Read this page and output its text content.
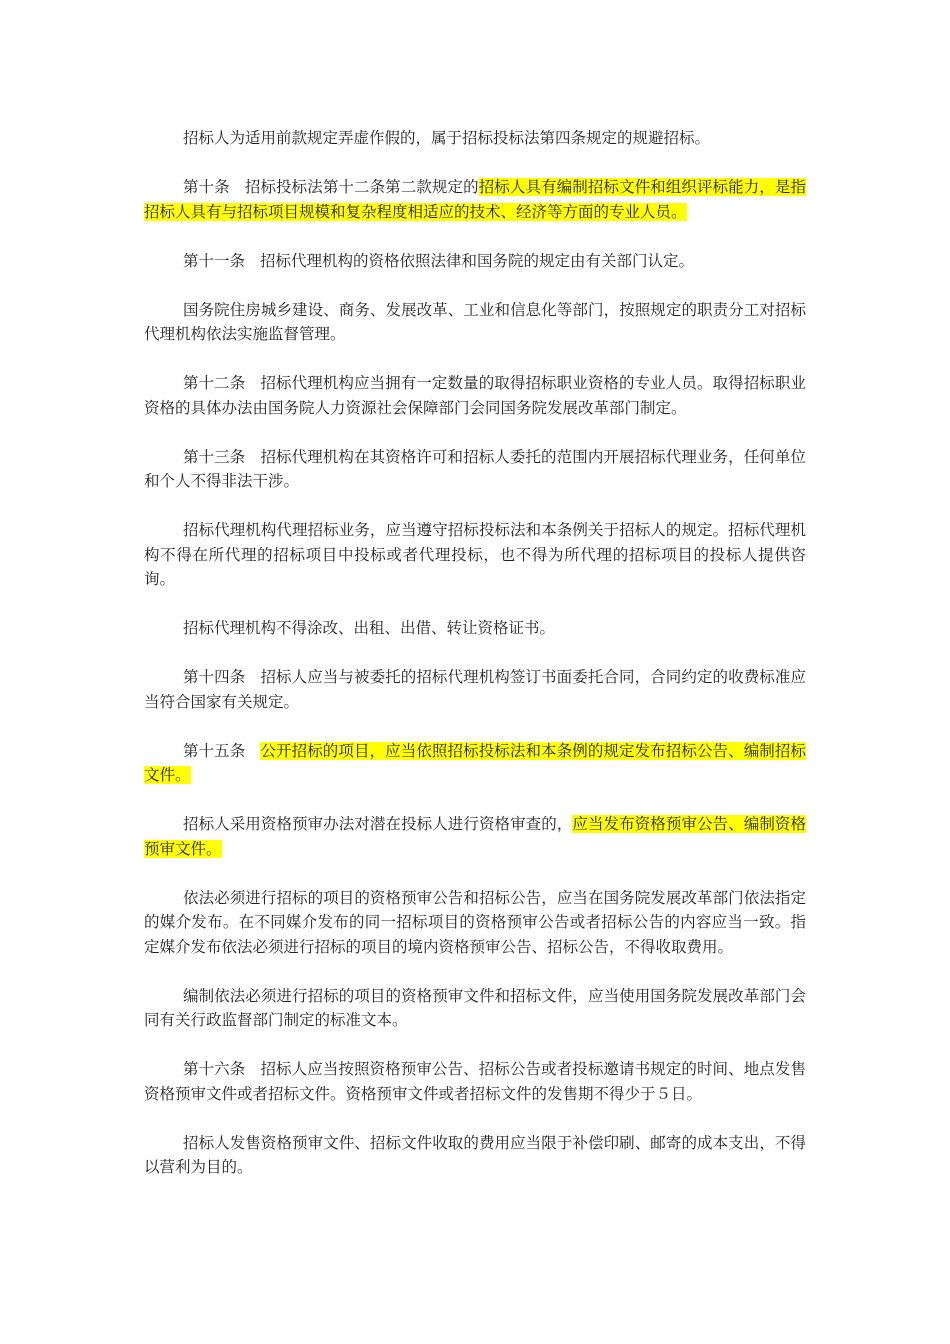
招标人为适用前款规定弄虚作假的，属于招标投标法第四条规定的规避招标。

第十条 招标投标法第十二条第二款规定的招标人具有编制招标文件和组织评标能力，是指招标人具有与招标项目规模和复杂程度相适应的技术、经济等方面的专业人员。

第十一条 招标代理机构的资格依照法律和国务院的规定由有关部门认定。

国务院住房城乡建设、商务、发展改革、工业和信息化等部门，按照规定的职责分工对招标代理机构依法实施监督管理。

第十二条 招标代理机构应当拥有一定数量的取得招标职业资格的专业人员。取得招标职业资格的具体办法由国务院人力资源社会保障部门会同国务院发展改革部门制定。

第十三条 招标代理机构在其资格许可和招标人委托的范围内开展招标代理业务，任何单位和个人不得非法干涉。

招标代理机构代理招标业务，应当遵守招标投标法和本条例关于招标人的规定。招标代理机构不得在所代理的招标项目中投标或者代理投标，也不得为所代理的招标项目的投标人提供咨询。

招标代理机构不得涂改、出租、出借、转让资格证书。

第十四条 招标人应当与被委托的招标代理机构签订书面委托合同，合同约定的收费标准应当符合国家有关规定。

第十五条 公开招标的项目，应当依照招标投标法和本条例的规定发布招标公告、编制招标文件。

招标人采用资格预审办法对潜在投标人进行资格审查的，应当发布资格预审公告、编制资格预审文件。

依法必须进行招标的项目的资格预审公告和招标公告，应当在国务院发展改革部门依法指定的媒介发布。在不同媒介发布的同一招标项目的资格预审公告或者招标公告的内容应当一致。指定媒介发布依法必须进行招标的项目的境内资格预审公告、招标公告，不得收取费用。

编制依法必须进行招标的项目的资格预审文件和招标文件，应当使用国务院发展改革部门会同有关行政监督部门制定的标准文本。

第十六条 招标人应当按照资格预审公告、招标公告或者投标邀请书规定的时间、地点发售资格预审文件或者招标文件。资格预审文件或者招标文件的发售期不得少于５日。

招标人发售资格预审文件、招标文件收取的费用应当限于补偿印刷、邮寄的成本支出，不得以营利为目的。
